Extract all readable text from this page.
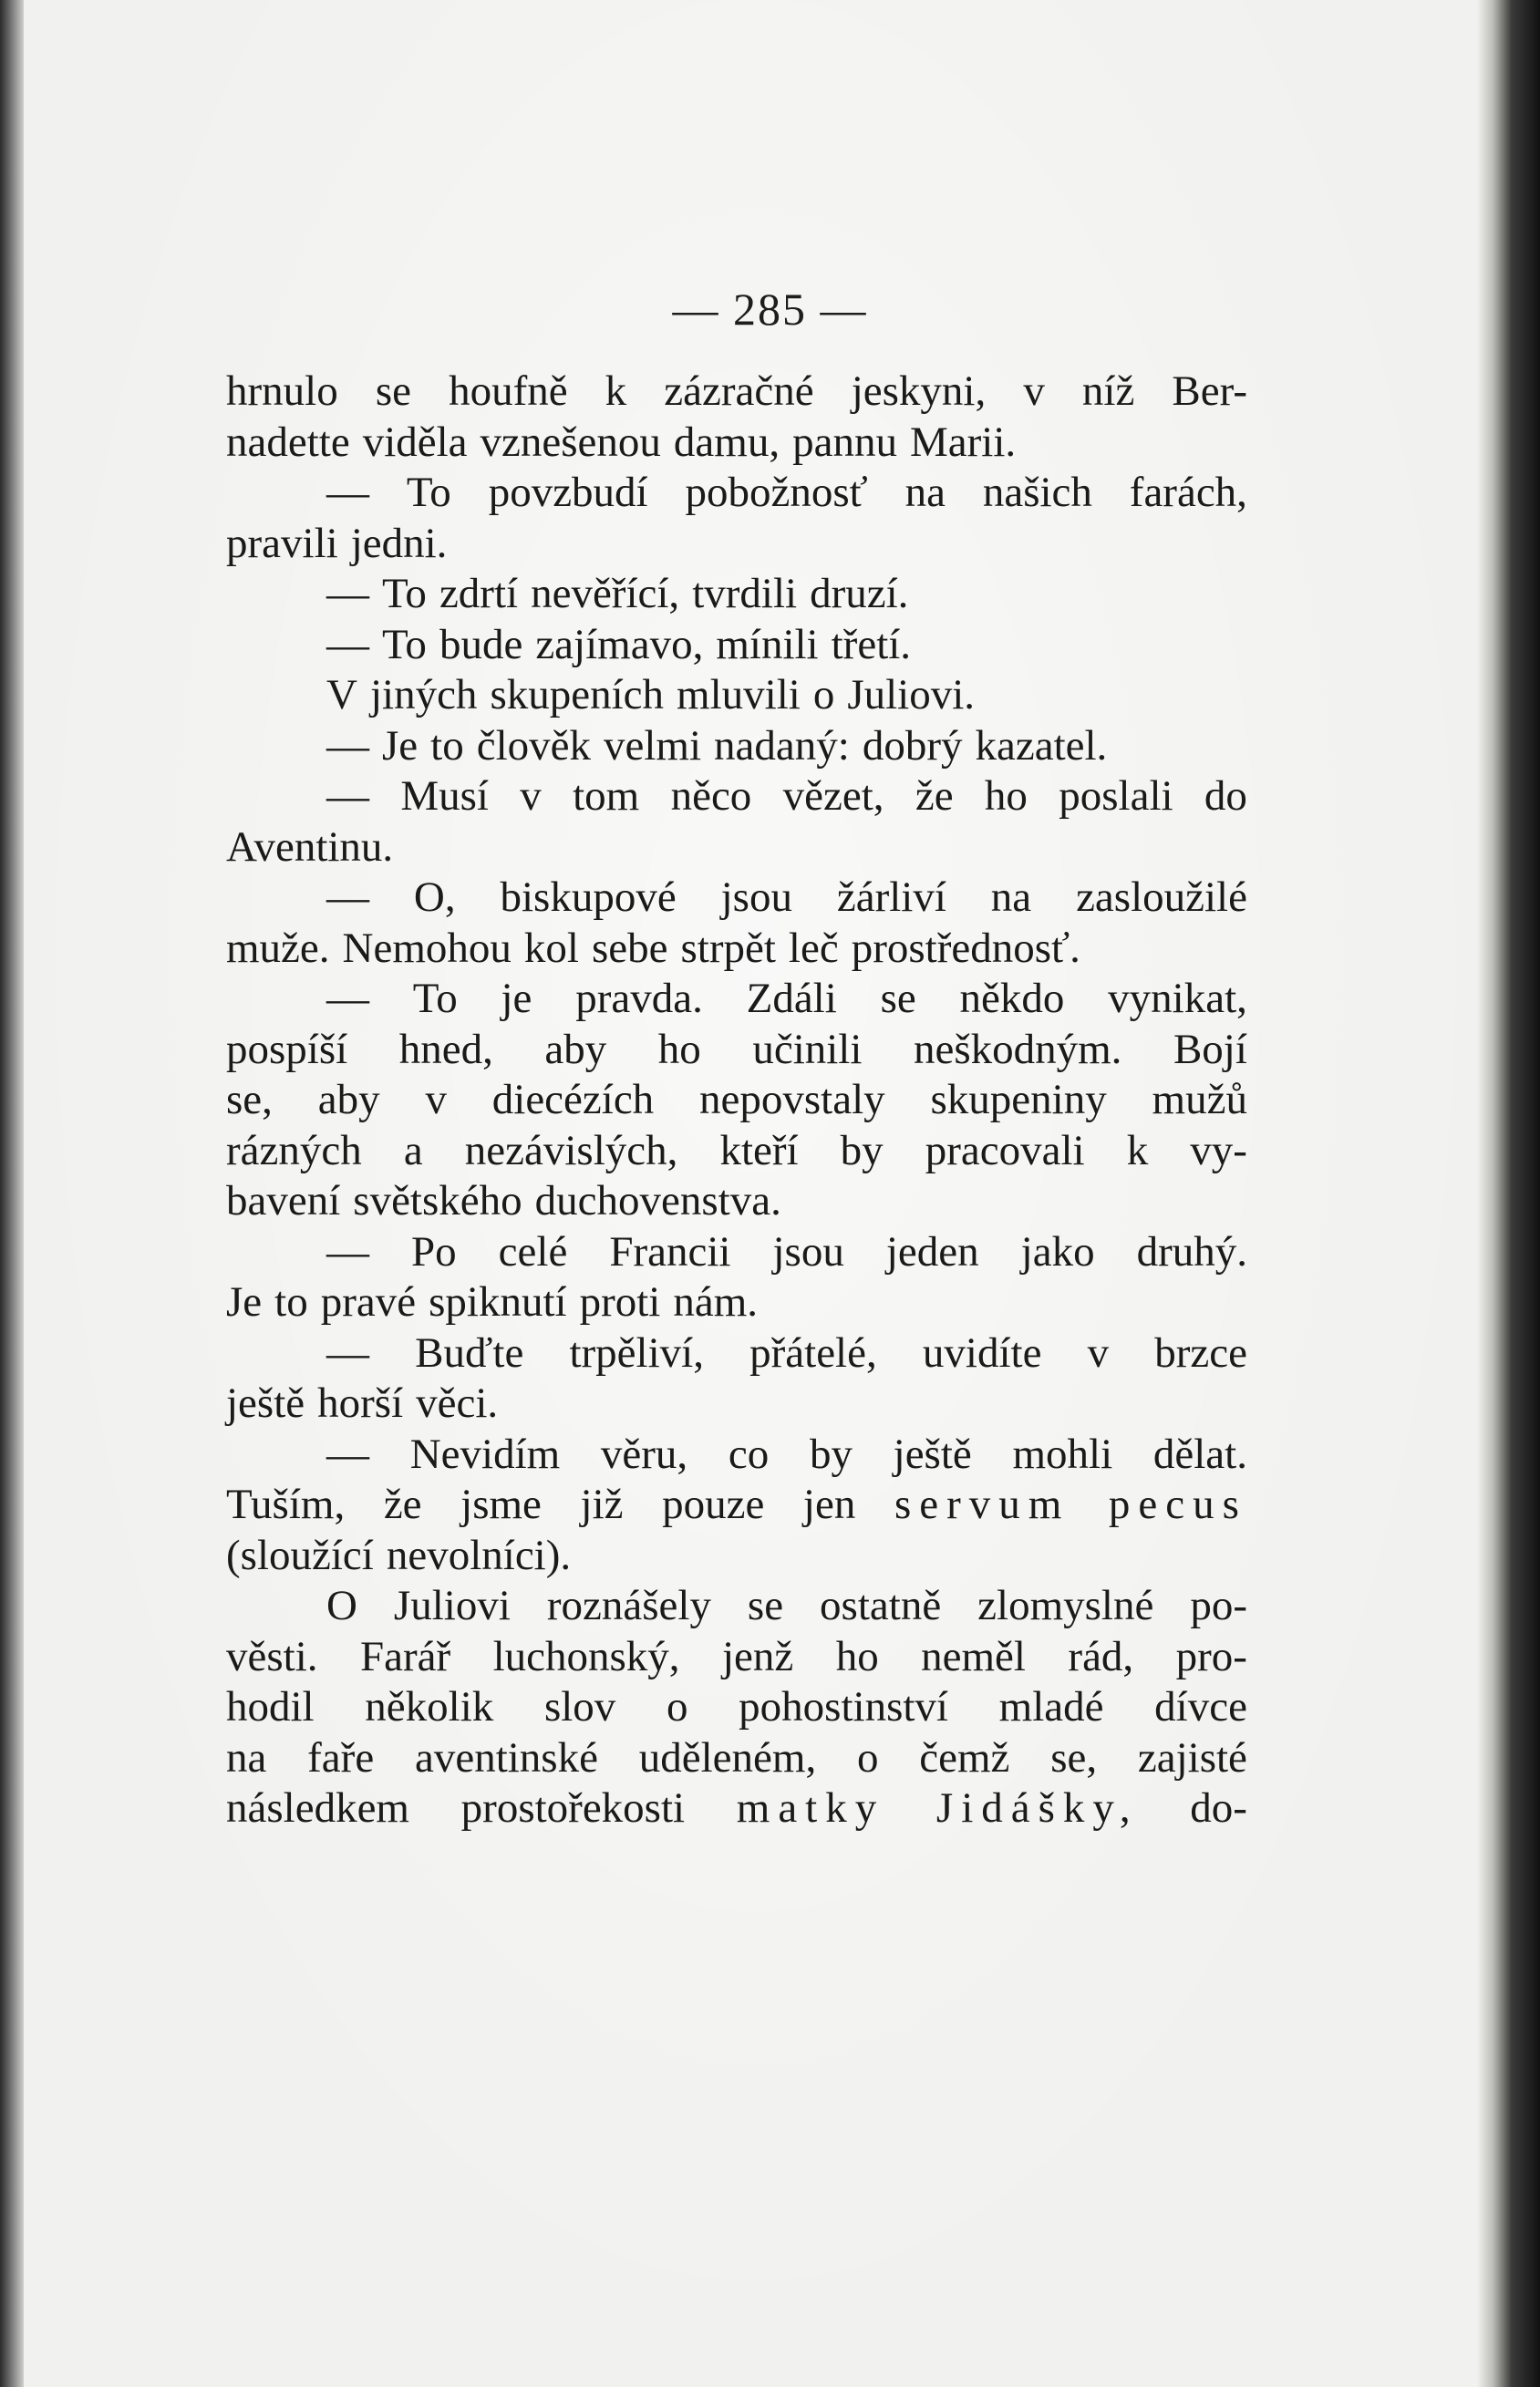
— 285 —
hrnulo se houfně k zázračné jeskyni, v níž Ber-
nadette viděla vznešenou damu, pannu Marii.
— To povzbudí pobožnosť na našich farách,
pravili jedni.
— To zdrtí nevěřící, tvrdili druzí.
— To bude zajímavo, mínili třetí.
V jiných skupeních mluvili o Juliovi.
— Je to člověk velmi nadaný: dobrý kazatel.
— Musí v tom něco vězet, že ho poslali do
Aventinu.
— O, biskupové jsou žárliví na zasloužilé
muže. Nemohou kol sebe strpět leč prostřednosť.
— To je pravda. Zdáli se někdo vynikat,
pospíší hned, aby ho učinili neškodným. Bojí
se, aby v diecézích nepovstaly skupeniny mužů
rázných a nezávislých, kteří by pracovali k vy-
bavení světského duchovenstva.
— Po celé Francii jsou jeden jako druhý.
Je to pravé spiknutí proti nám.
— Buďte trpěliví, přátelé, uvidíte v brzce
ještě horší věci.
— Nevidím věru, co by ještě mohli dělat.
Tuším, že jsme již pouze jen servum pecus
(sloužící nevolníci).
O Juliovi roznášely se ostatně zlomyslné po-
věsti. Farář luchonský, jenž ho neměl rád, pro-
hodil několik slov o pohostinství mladé dívce
na faře aventinské uděleném, o čemž se, zajisté
následkem prostořekosti matky Jidášky, do-
